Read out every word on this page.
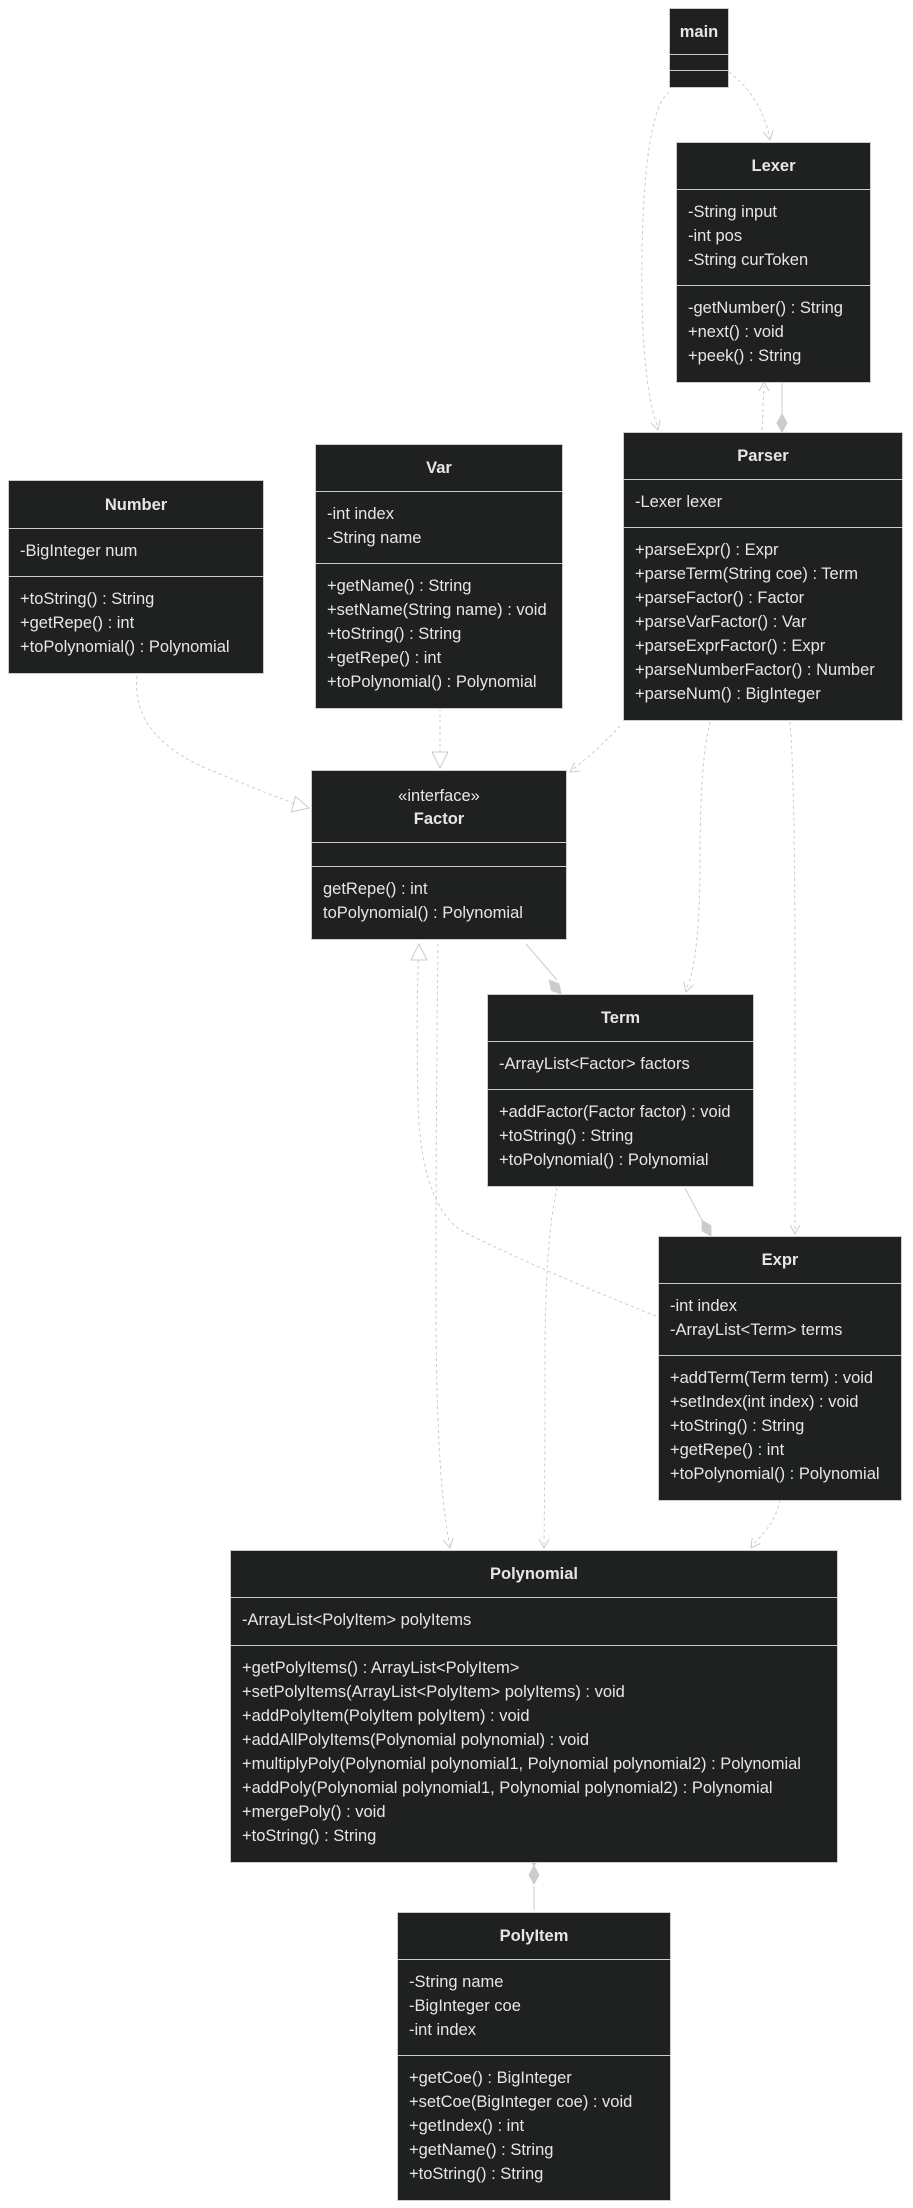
main
Lexer
-String input
-int pos
-String curToken
-getNumber() : String
+next() : void
+peek() : String
Parser
-Lexer lexer
+parseExpr() : Expr
+parseTerm(String coe) : Term
+parseFactor() : Factor
+parseVarFactor() : Var
+parseExprFactor() : Expr
+parseNumberFactor() : Number
+parseNum() : BigInteger
Number
-BigInteger num
+toString() : String
+getRepe() : int
+toPolynomial() : Polynomial
Var
-int index
-String name
+getName() : String
+setName(String name) : void
+toString() : String
+getRepe() : int
+toPolynomial() : Polynomial
«interface»
Factor
getRepe() : int
toPolynomial() : Polynomial
Term
-ArrayList<Factor> factors
+addFactor(Factor factor) : void
+toString() : String
+toPolynomial() : Polynomial
Expr
-int index
-ArrayList<Term> terms
+addTerm(Term term) : void
+setIndex(int index) : void
+toString() : String
+getRepe() : int
+toPolynomial() : Polynomial
Polynomial
-ArrayList<PolyItem> polyItems
+getPolyItems() : ArrayList<PolyItem>
+setPolyItems(ArrayList<PolyItem> polyItems) : void
+addPolyItem(PolyItem polyItem) : void
+addAllPolyItems(Polynomial polynomial) : void
+multiplyPoly(Polynomial polynomial1, Polynomial polynomial2) : Polynomial
+addPoly(Polynomial polynomial1, Polynomial polynomial2) : Polynomial
+mergePoly() : void
+toString() : String
PolyItem
-String name
-BigInteger coe
-int index
+getCoe() : BigInteger
+setCoe(BigInteger coe) : void
+getIndex() : int
+getName() : String
+toString() : String
